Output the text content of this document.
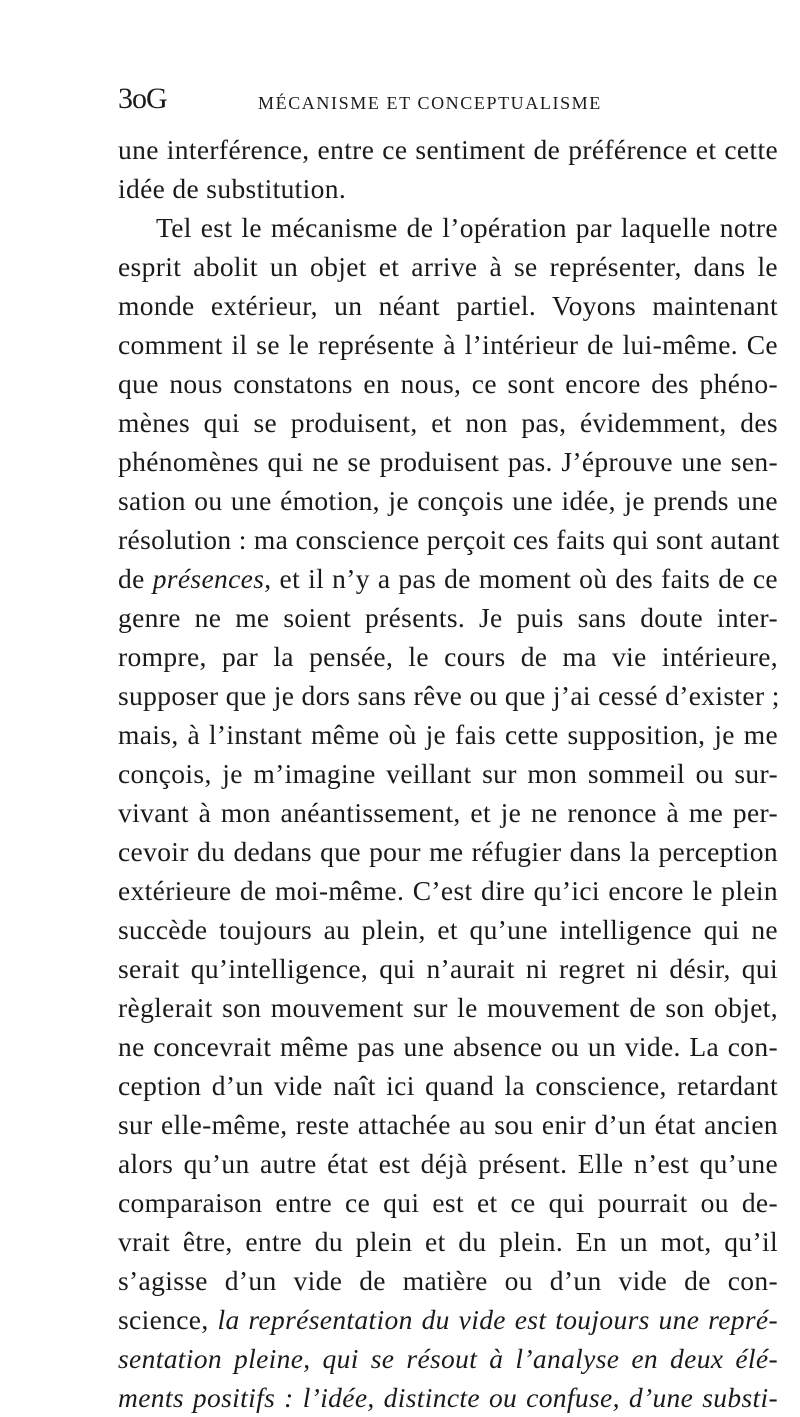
3oG	MÉCANISME ET CONCEPTUALISME
une interférence, entre ce sentiment de préférence et cette
idée de substitution.
Tel est le mécanisme de l’opération par laquelle notre
esprit abolit un objet et arrive à se représenter, dans le
monde extérieur, un néant partiel. Voyons maintenant
comment il se le représente à l’intérieur de lui-même. Ce
que nous constatons en nous, ce sont encore des phéno-
mènes qui se produisent, et non pas, évidemment, des
phénomènes qui ne se produisent pas. J’éprouve une sen-
sation ou une émotion, je conçois une idée, je prends une
résolution : ma conscience perçoit ces faits qui sont autant
de présences, et il n’y a pas de moment où des faits de ce
genre ne me soient présents. Je puis sans doute inter-
rompre, par la pensée, le cours de ma vie intérieure,
supposer que je dors sans rêve ou que j’ai cessé d’exister ;
mais, à l’instant même où je fais cette supposition, je me
conçois, je m’imagine veillant sur mon sommeil ou sur-
vivant à mon anéantissement, et je ne renonce à me per-
cevoir du dedans que pour me réfugier dans la perception
extérieure de moi-même. C’est dire qu’ici encore le plein
succède toujours au plein, et qu’une intelligence qui ne
serait qu’intelligence, qui n’aurait ni regret ni désir, qui
règlerait son mouvement sur le mouvement de son objet,
ne concevrait même pas une absence ou un vide. La con-
ception d’un vide naît ici quand la conscience, retardant
sur elle-même, reste attachée au sou enir d’un état ancien
alors qu’un autre état est déjà présent. Elle n’est qu’une
comparaison entre ce qui est et ce qui pourrait ou de-
vrait être, entre du plein et du plein. En un mot, qu’il
s’agisse d’un vide de matière ou d’un vide de con-
science, la représentation du vide est toujours une repré-
sentation pleine, qui se résout à l’analyse en deux élé-
ments positifs : l’idée, distincte ou confuse, d’une substi-
